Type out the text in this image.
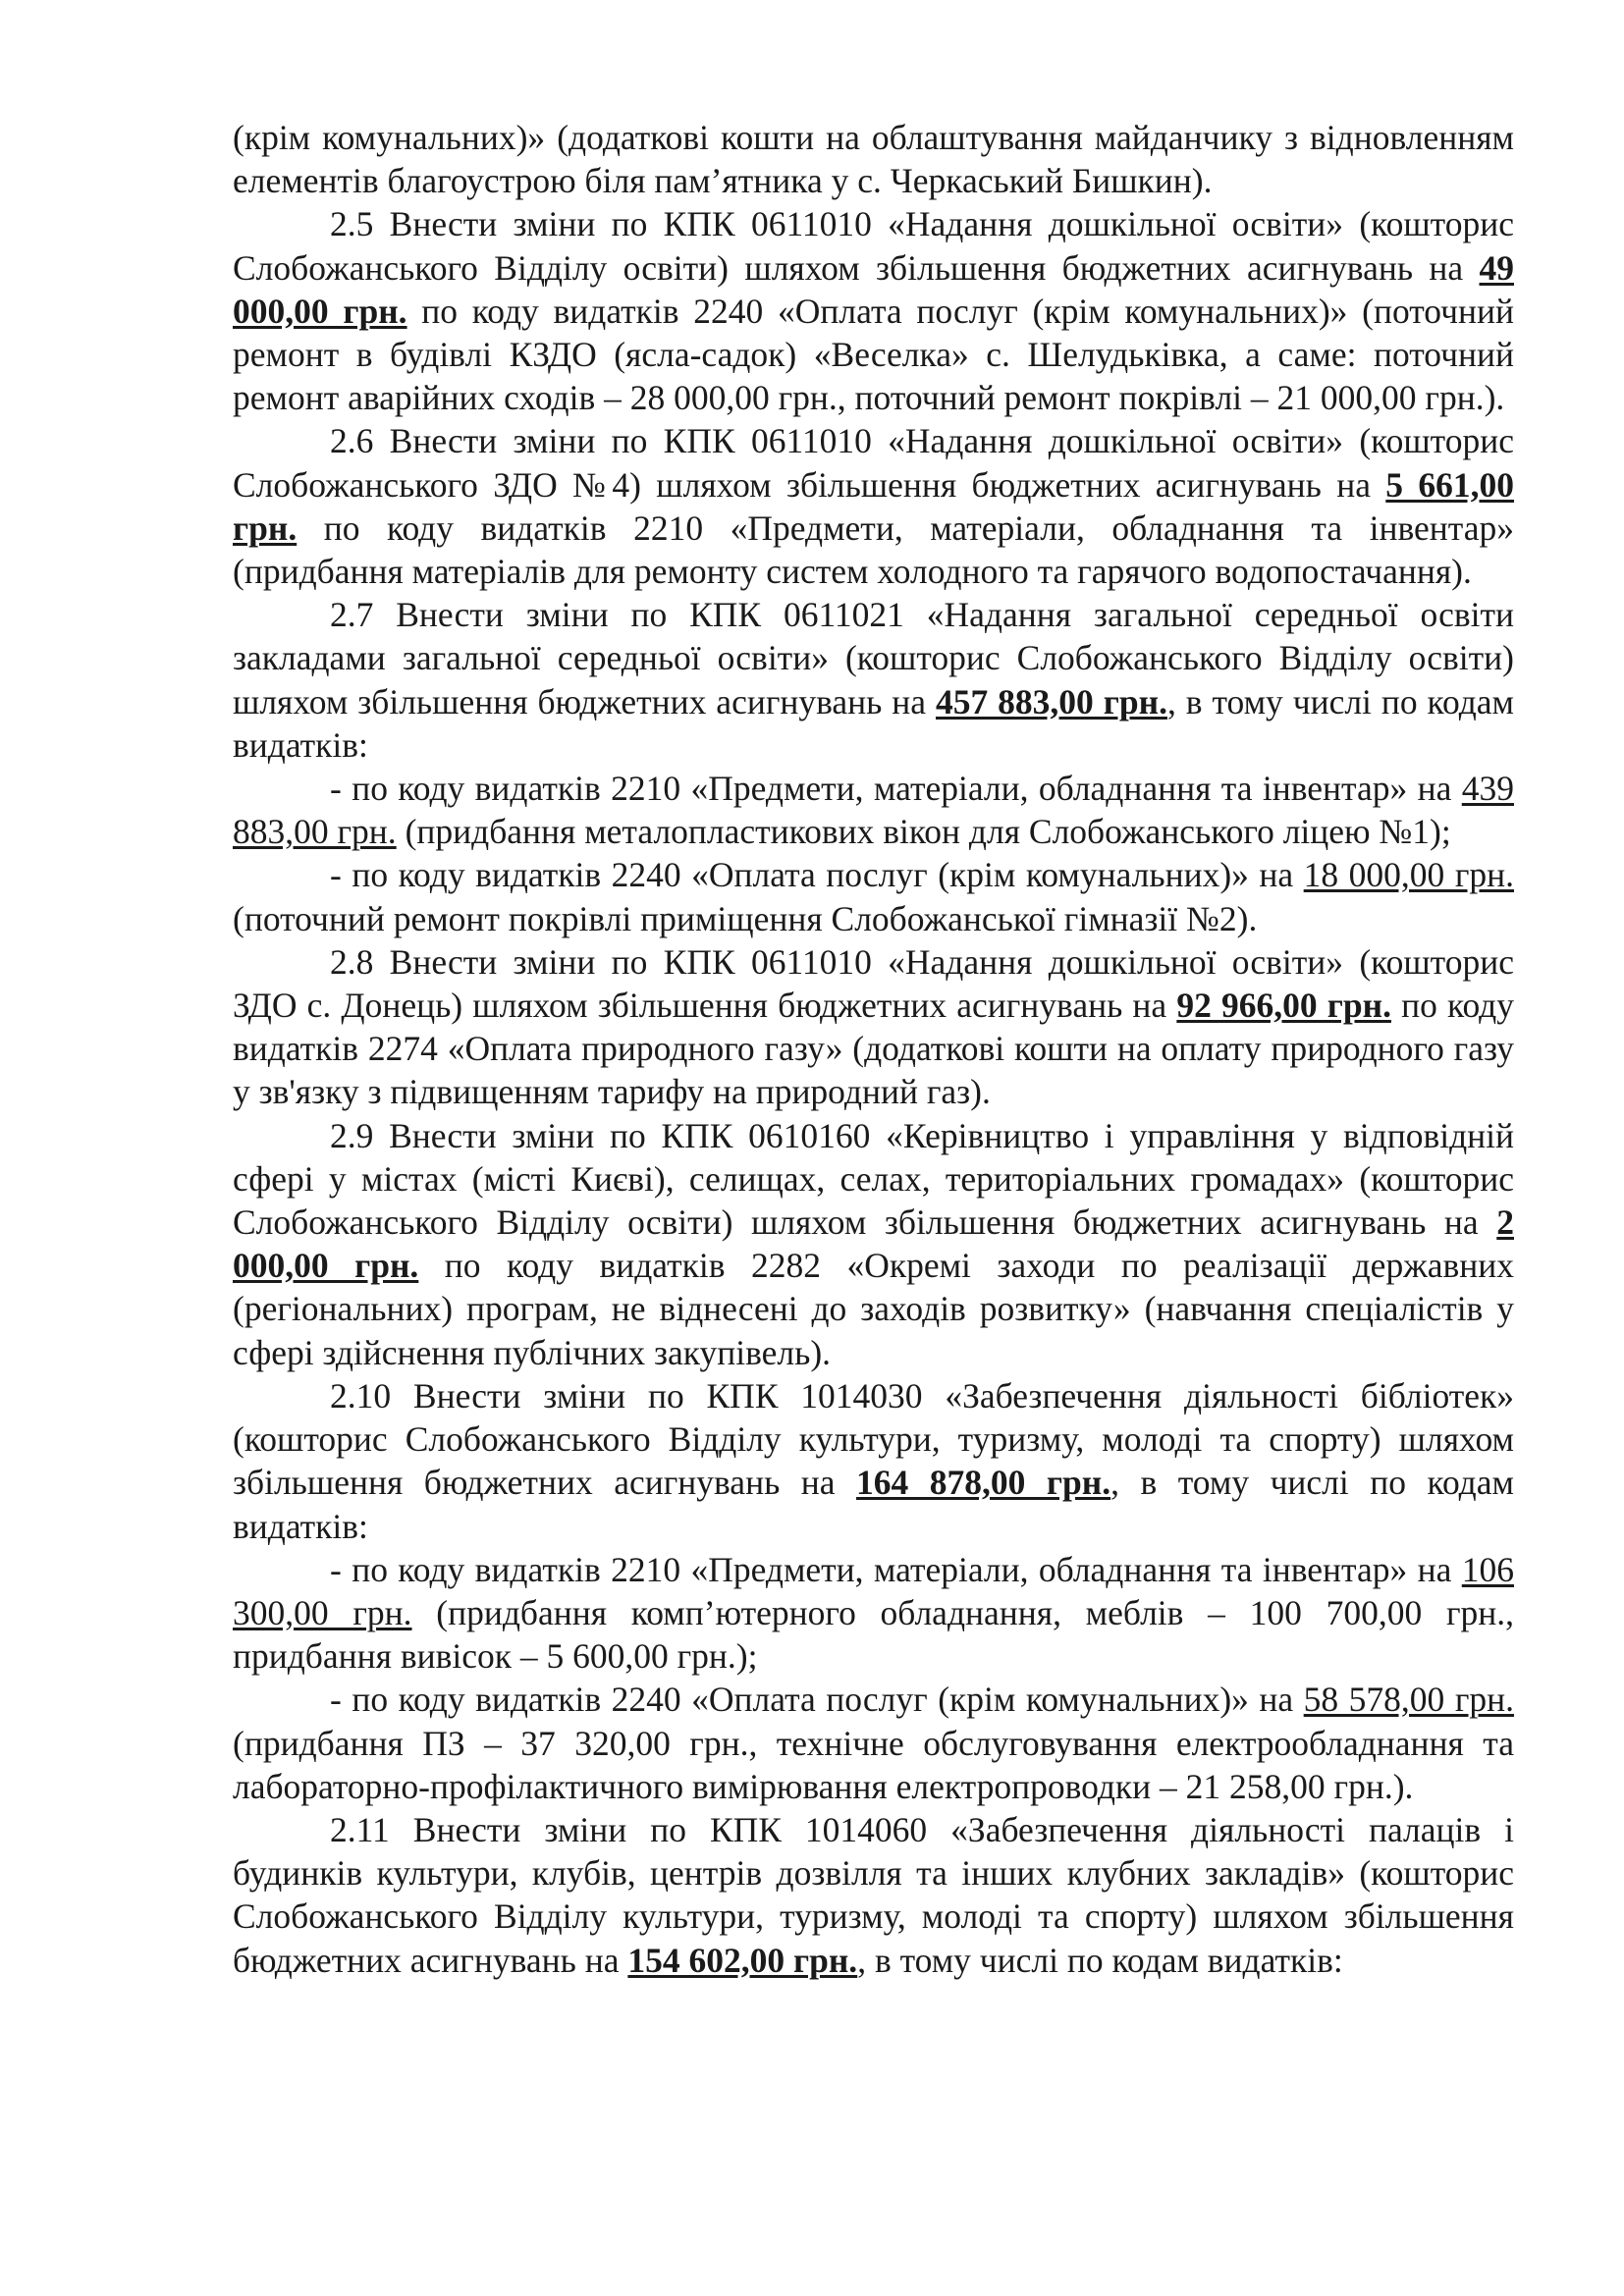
(крім комунальних)» (додаткові кошти на облаштування майданчику з відновленням елементів благоустрою біля пам’ятника у с. Черкаський Бишкин).

2.5 Внести зміни по КПК 0611010 «Надання дошкільної освіти» (кошторис Слобожанського Відділу освіти) шляхом збільшення бюджетних асигнувань на 49 000,00 грн. по коду видатків 2240 «Оплата послуг (крім комунальних)» (поточний ремонт в будівлі КЗДО (ясла-садок) «Веселка» с. Шелудьківка, а саме: поточний ремонт аварійних сходів – 28 000,00 грн., поточний ремонт покрівлі – 21 000,00 грн.).

2.6 Внести зміни по КПК 0611010 «Надання дошкільної освіти» (кошторис Слобожанського ЗДО №4) шляхом збільшення бюджетних асигнувань на 5 661,00 грн. по коду видатків 2210 «Предмети, матеріали, обладнання та інвентар» (придбання матеріалів для ремонту систем холодного та гарячого водопостачання).

2.7 Внести зміни по КПК 0611021 «Надання загальної середньої освіти закладами загальної середньої освіти» (кошторис Слобожанського Відділу освіти) шляхом збільшення бюджетних асигнувань на 457 883,00 грн., в тому числі по кодам видатків:

- по коду видатків 2210 «Предмети, матеріали, обладнання та інвентар» на 439 883,00 грн. (придбання металопластикових вікон для Слобожанського ліцею №1);

- по коду видатків 2240 «Оплата послуг (крім комунальних)» на 18 000,00 грн. (поточний ремонт покрівлі приміщення Слобожанської гімназії №2).

2.8 Внести зміни по КПК 0611010 «Надання дошкільної освіти» (кошторис ЗДО с. Донець) шляхом збільшення бюджетних асигнувань на 92 966,00 грн. по коду видатків 2274 «Оплата природного газу» (додаткові кошти на оплату природного газу у зв'язку з підвищенням тарифу на природний газ).

2.9 Внести зміни по КПК 0610160 «Керівництво і управління у відповідній сфері у містах (місті Києві), селищах, селах, територіальних громадах» (кошторис Слобожанського Відділу освіти) шляхом збільшення бюджетних асигнувань на 2 000,00 грн. по коду видатків 2282 «Окремі заходи по реалізації державних (регіональних) програм, не віднесені до заходів розвитку» (навчання спеціалістів у сфері здійснення публічних закупівель).

2.10 Внести зміни по КПК 1014030 «Забезпечення діяльності бібліотек» (кошторис Слобожанського Відділу культури, туризму, молоді та спорту) шляхом збільшення бюджетних асигнувань на 164 878,00 грн., в тому числі по кодам видатків:

- по коду видатків 2210 «Предмети, матеріали, обладнання та інвентар» на 106 300,00 грн. (придбання комп’ютерного обладнання, меблів – 100 700,00 грн., придбання вивісок – 5 600,00 грн.);

- по коду видатків 2240 «Оплата послуг (крім комунальних)» на 58 578,00 грн. (придбання ПЗ – 37 320,00 грн., технічне обслуговування електрообладнання та лабораторно-профілактичного вимірювання електропроводки – 21 258,00 грн.).

2.11 Внести зміни по КПК 1014060 «Забезпечення діяльності палаців і будинків культури, клубів, центрів дозвілля та інших клубних закладів» (кошторис Слобожанського Відділу культури, туризму, молоді та спорту) шляхом збільшення бюджетних асигнувань на 154 602,00 грн., в тому числі по кодам видатків:
